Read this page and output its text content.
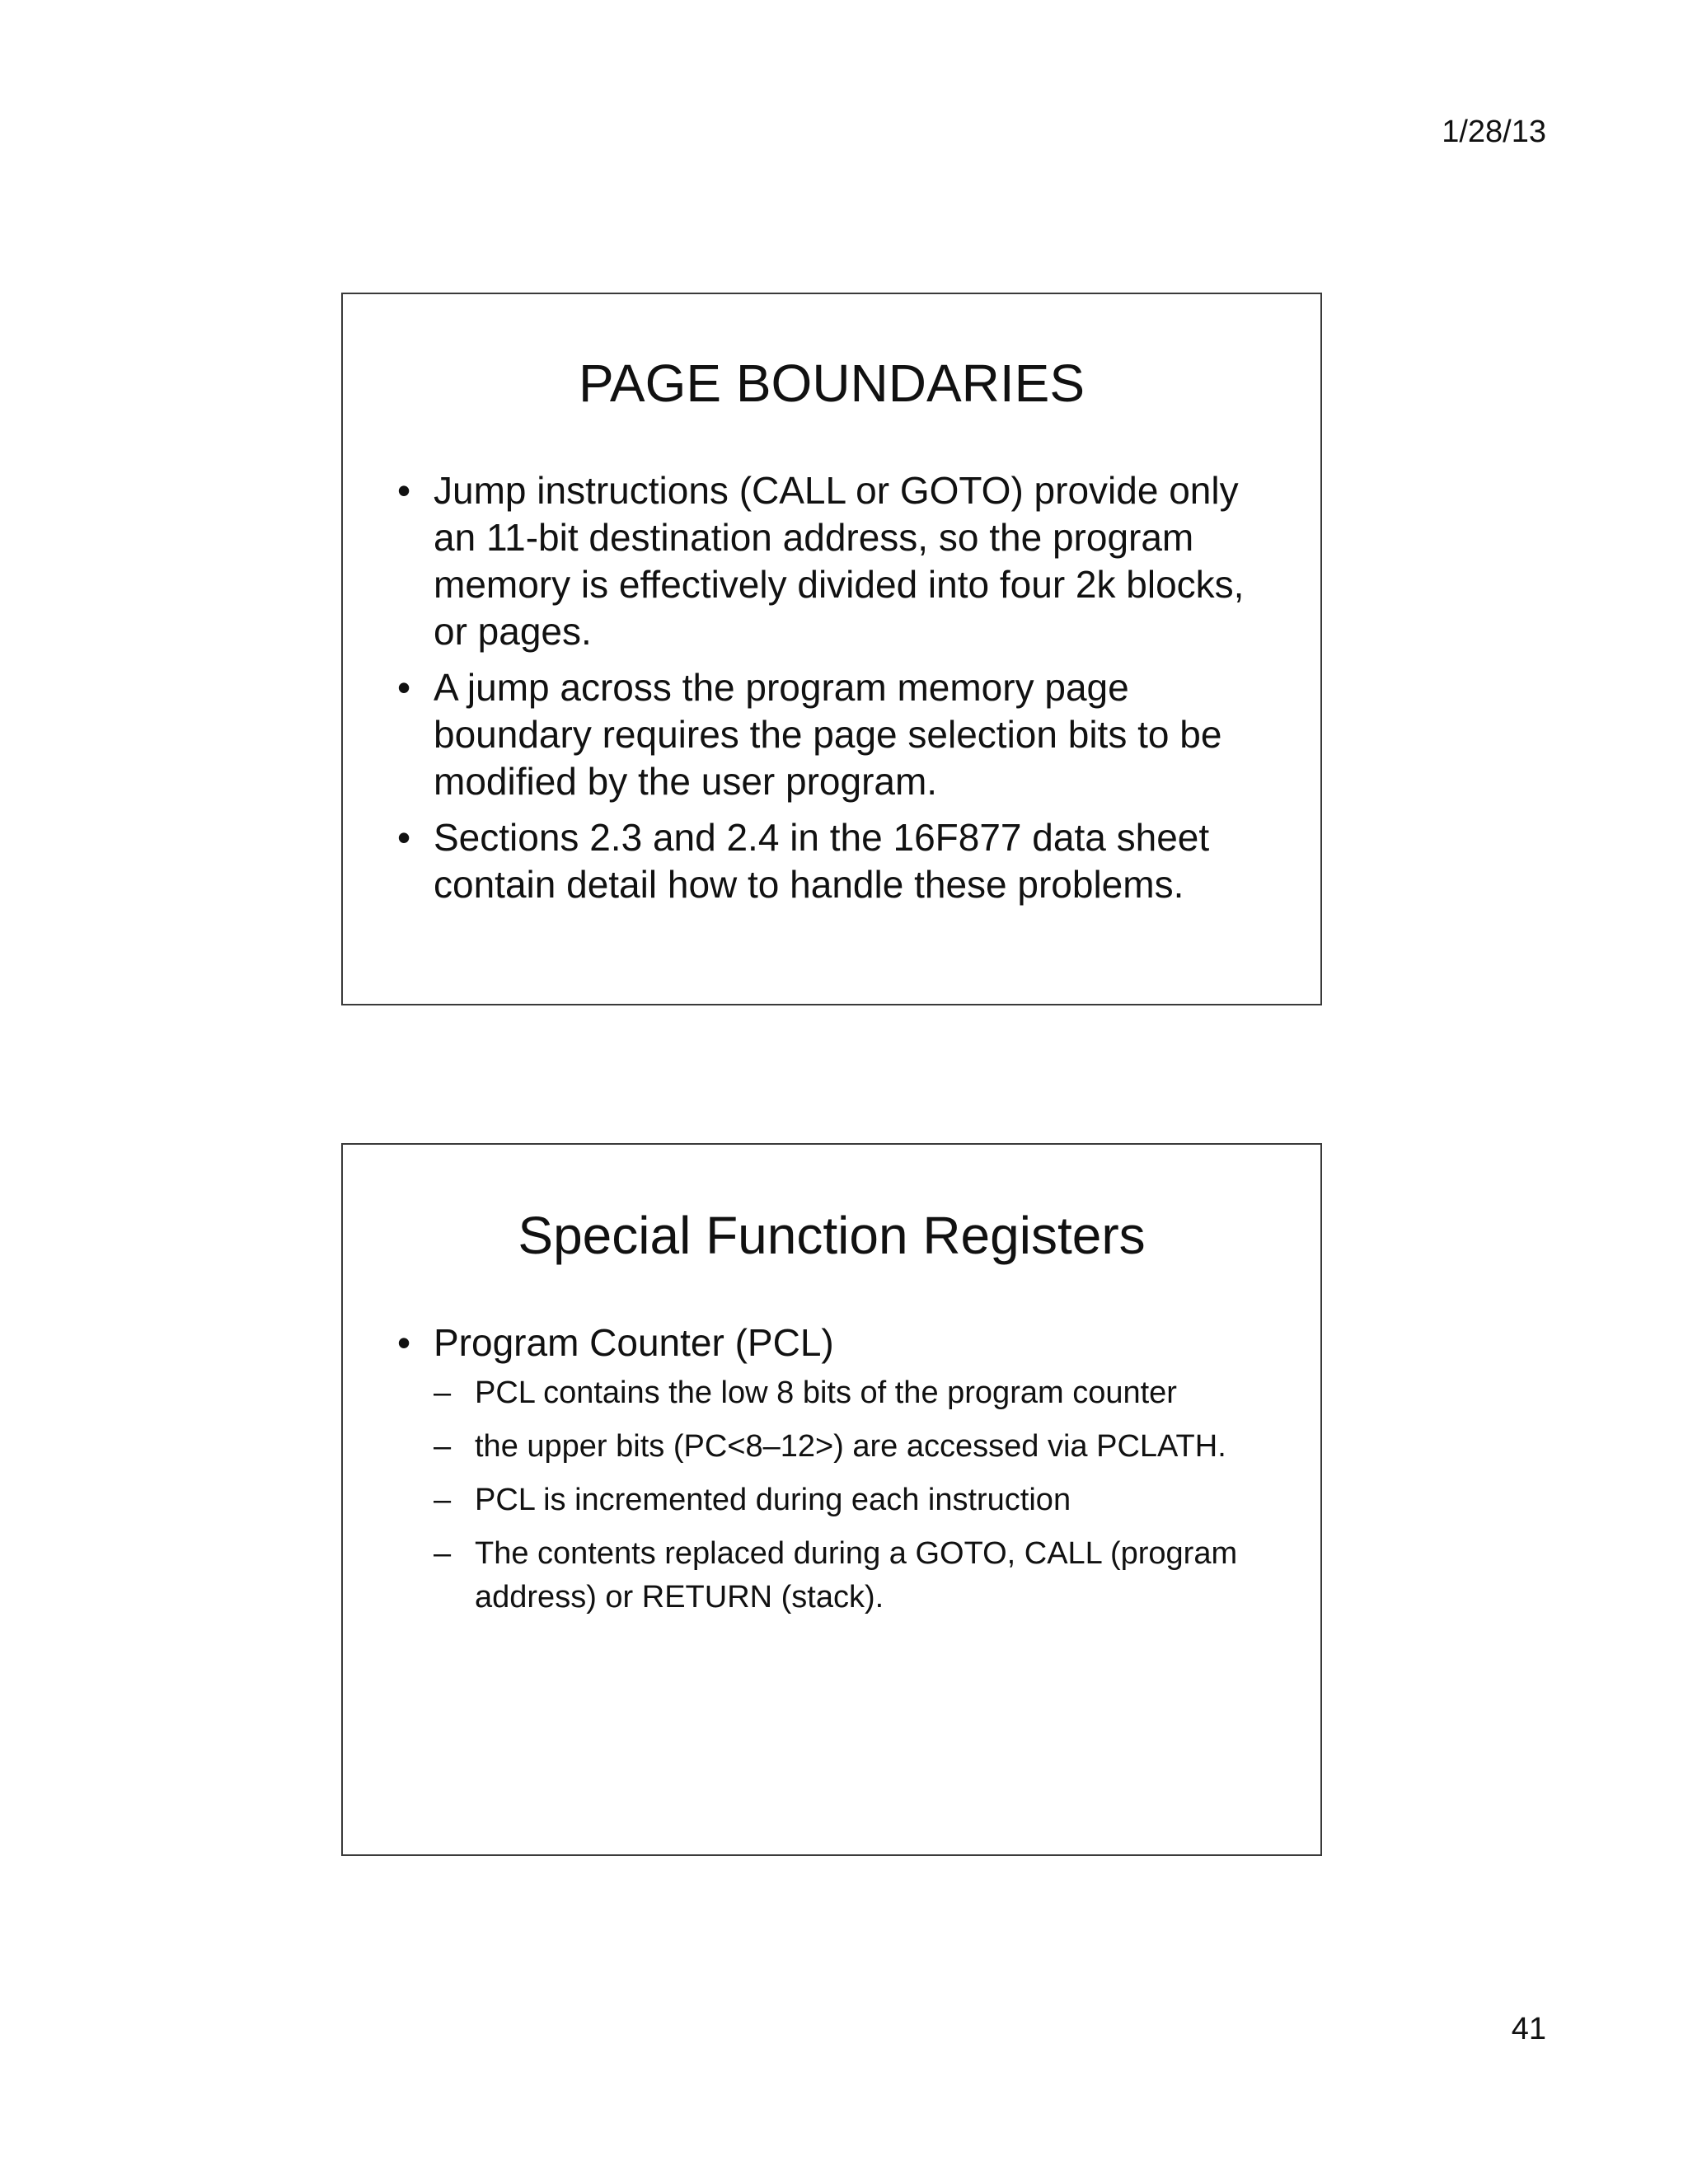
1/28/13
PAGE BOUNDARIES
• Jump instructions (CALL or GOTO) provide only an 11-bit destination address, so the program memory is effectively divided into four 2k blocks, or pages.
• A jump across the program memory page boundary requires the page selection bits to be modified by the user program.
• Sections 2.3 and 2.4 in the 16F877 data sheet contain detail how to handle these problems.
Special Function Registers
• Program Counter (PCL)
– PCL contains the low 8 bits of the program counter
– the upper bits (PC<8–12>) are accessed via PCLATH.
– PCL is incremented during each instruction
– The contents replaced during a GOTO, CALL (program address) or RETURN (stack).
41
